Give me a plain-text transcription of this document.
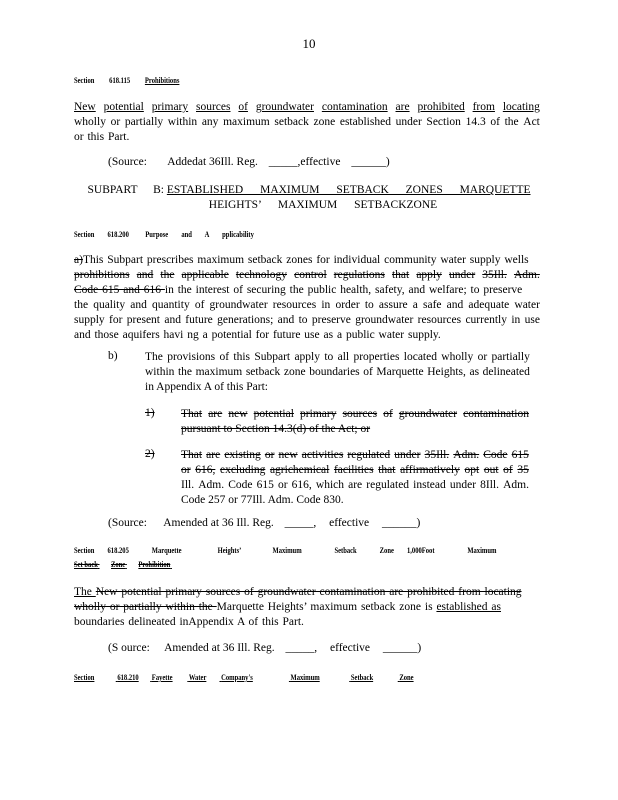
10
Section 618.115 Prohibitions
New potential primary sources of groundwater contamination are prohibited from locating
wholly or partially within any maximum setback zone established under Section 14.3 of the Act
or this Part.
(Source: Addedat 36Ill. Reg. _____,effective ______)
SUBPART B: ESTABLISHED MAXIMUM SETBACK ZONES MARQUETTE
HEIGHTS’ MAXIMUM SETBACKZONE
Section 618.200 Purpose and A pplicability
a)This Subpart prescribes maximum setback zones for individual community water supply wells
prohibitions and the applicable technology control regulations that apply under 35Ill. Adm.
Code 615 and 616 in the interest of securing the public health, safety, and welfare; to preserve
the quality and quantity of groundwater resources in order to assure a safe and adequate water
supply for present and future generations; and to preserve groundwater resources currently in use
and those aquifers havi ng a potential for future use as a public water supply.
b) The provisions of this Subpart apply to all properties located wholly or partially
within the maximum setback zone boundaries of Marquette Heights, as delineated
in Appendix A of this Part:
1) That are new potential primary sources of groundwater contamination
pursuant to Section 14.3(d) of the Act; or
2) That are existing or new activities regulated under 35Ill. Adm. Code 615
or 616, excluding agrichemical facilities that affirmatively opt out of 35
Ill. Adm. Code 615 or 616, which are regulated instead under 8Ill. Adm.
Code 257 or 77Ill. Adm. Code 830.
(Source: Amended at 36 Ill. Reg. _____, effective ______)
Section 618.205	Marquette	Heights’	Maximum	Setback	Zone 1,000Foot	Maximum
Set back Zone Prohibition
The New potential primary sources of groundwater contamination are prohibited from locating
wholly or partially within the Marquette Heights’ maximum setback zone is established as
boundaries delineated inAppendix A of this Part.
(S ource: Amended at 36 Ill. Reg. _____, effective ______)
Section	618.210 Fayette Water Company's	Maximum	Setback	Zone
